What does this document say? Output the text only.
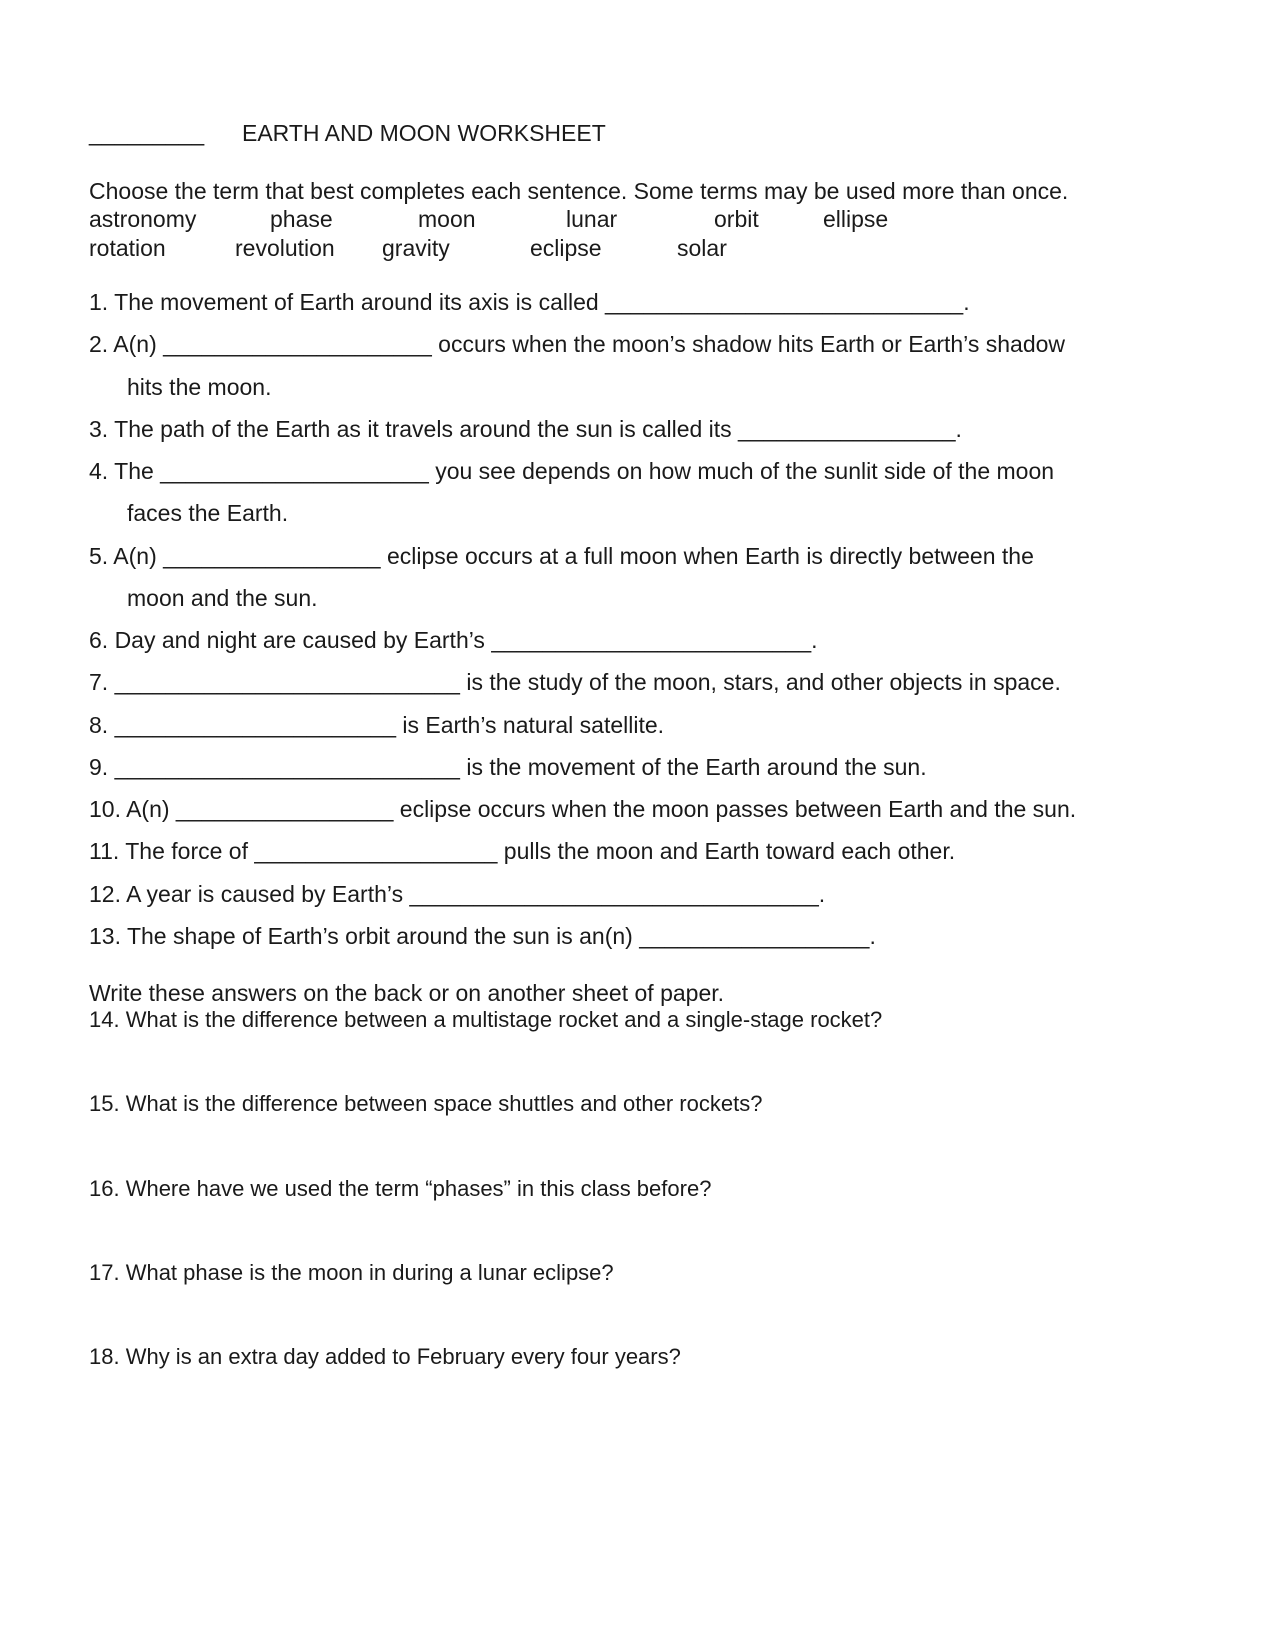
_________ EARTH AND MOON WORKSHEET
Choose the term that best completes each sentence. Some terms may be used more than once.
astronomy	phase	moon	lunar	orbit	ellipse
rotation	revolution gravity	eclipse	solar
1. The movement of Earth around its axis is called ____________________________.
2. A(n) _____________________ occurs when the moon’s shadow hits Earth or Earth’s shadow
hits the moon.
3. The path of the Earth as it travels around the sun is called its _________________.
4. The _____________________ you see depends on how much of the sunlit side of the moon
faces the Earth.
5. A(n) _________________ eclipse occurs at a full moon when Earth is directly between the
moon and the sun.
6. Day and night are caused by Earth’s _________________________.
7. ___________________________ is the study of the moon, stars, and other objects in space.
8. ______________________ is Earth’s natural satellite.
9. ___________________________ is the movement of the Earth around the sun.
10. A(n) _________________ eclipse occurs when the moon passes between Earth and the sun.
11. The force of ___________________ pulls the moon and Earth toward each other.
12. A year is caused by Earth’s ________________________________.
13. The shape of Earth’s orbit around the sun is an(n) __________________.
Write these answers on the back or on another sheet of paper.
14. What is the difference between a multistage rocket and a single-stage rocket?
15. What is the difference between space shuttles and other rockets?
16. Where have we used the term “phases” in this class before?
17. What phase is the moon in during a lunar eclipse?
18. Why is an extra day added to February every four years?
